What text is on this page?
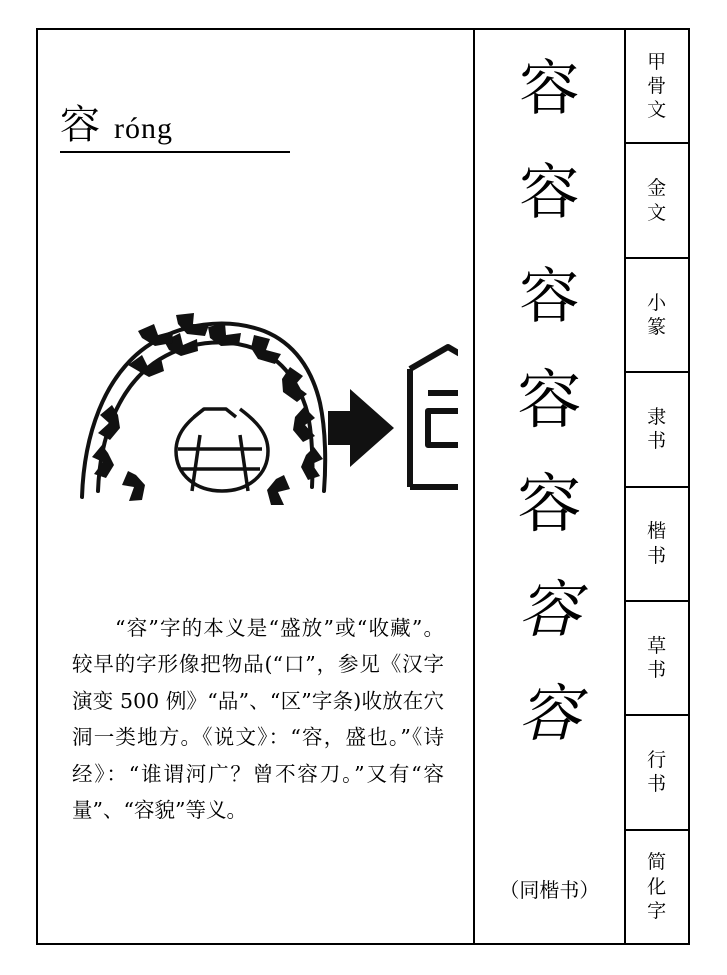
容 róng
“容”字的本义是“盛放”或“收藏”。较早的字形像把物品(“口”，参见《汉字演变 500 例》“品”、“区”字条)收放在穴洞一类地方。《说文》：“容，盛也。”《诗经》：“谁谓河广？曾不容刀。”又有“容量”、“容貌”等义。
容
容
容
容
容
容
容
（同楷书）
甲
骨
文
金
文
小
篆
隶
书
楷
书
草
书
行
书
简
化
字
